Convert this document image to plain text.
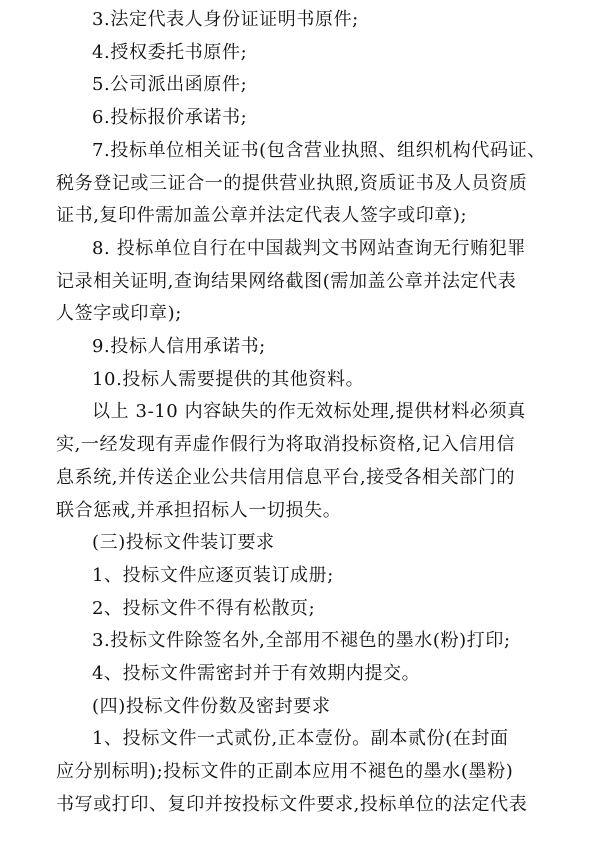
3.法定代表人身份证证明书原件;
4.授权委托书原件;
5.公司派出函原件;
6.投标报价承诺书;
7.投标单位相关证书(包含营业执照、组织机构代码证、
税务登记或三证合一的提供营业执照,资质证书及人员资质
证书,复印件需加盖公章并法定代表人签字或印章);
8. 投标单位自行在中国裁判文书网站查询无行贿犯罪
记录相关证明,查询结果网络截图(需加盖公章并法定代表
人签字或印章);
9.投标人信用承诺书;
10.投标人需要提供的其他资料。
以上 3-10 内容缺失的作无效标处理,提供材料必须真
实,一经发现有弄虚作假行为将取消投标资格,记入信用信
息系统,并传送企业公共信用信息平台,接受各相关部门的
联合惩戒,并承担招标人一切损失。
(三)投标文件装订要求
1、投标文件应逐页装订成册;
2、投标文件不得有松散页;
3.投标文件除签名外,全部用不褪色的墨水(粉)打印;
4、投标文件需密封并于有效期内提交。
(四)投标文件份数及密封要求
1、投标文件一式贰份,正本壹份。副本贰份(在封面
应分别标明);投标文件的正副本应用不褪色的墨水(墨粉)
书写或打印、复印并按投标文件要求,投标单位的法定代表
